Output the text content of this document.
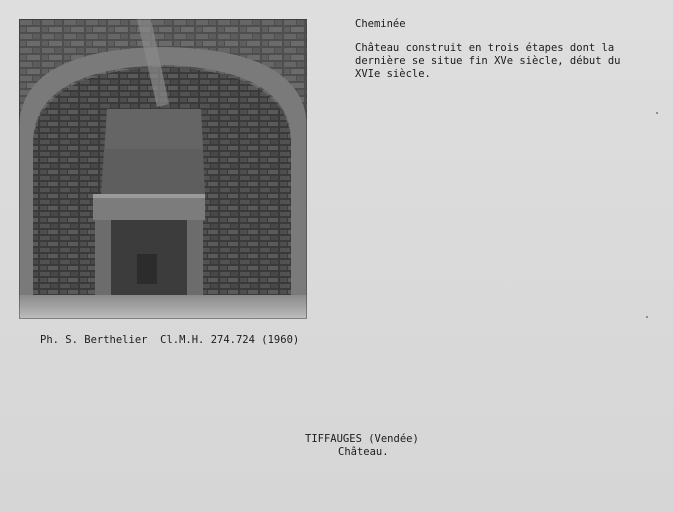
Cheminée
Château construit en trois étapes dont la
dernière se situe fin XVe siècle, début du
XVIe siècle.
Ph. S. Berthelier Cl.M.H. 274.724 (1960)
TIFFAUGES (Vendée)
Château.
